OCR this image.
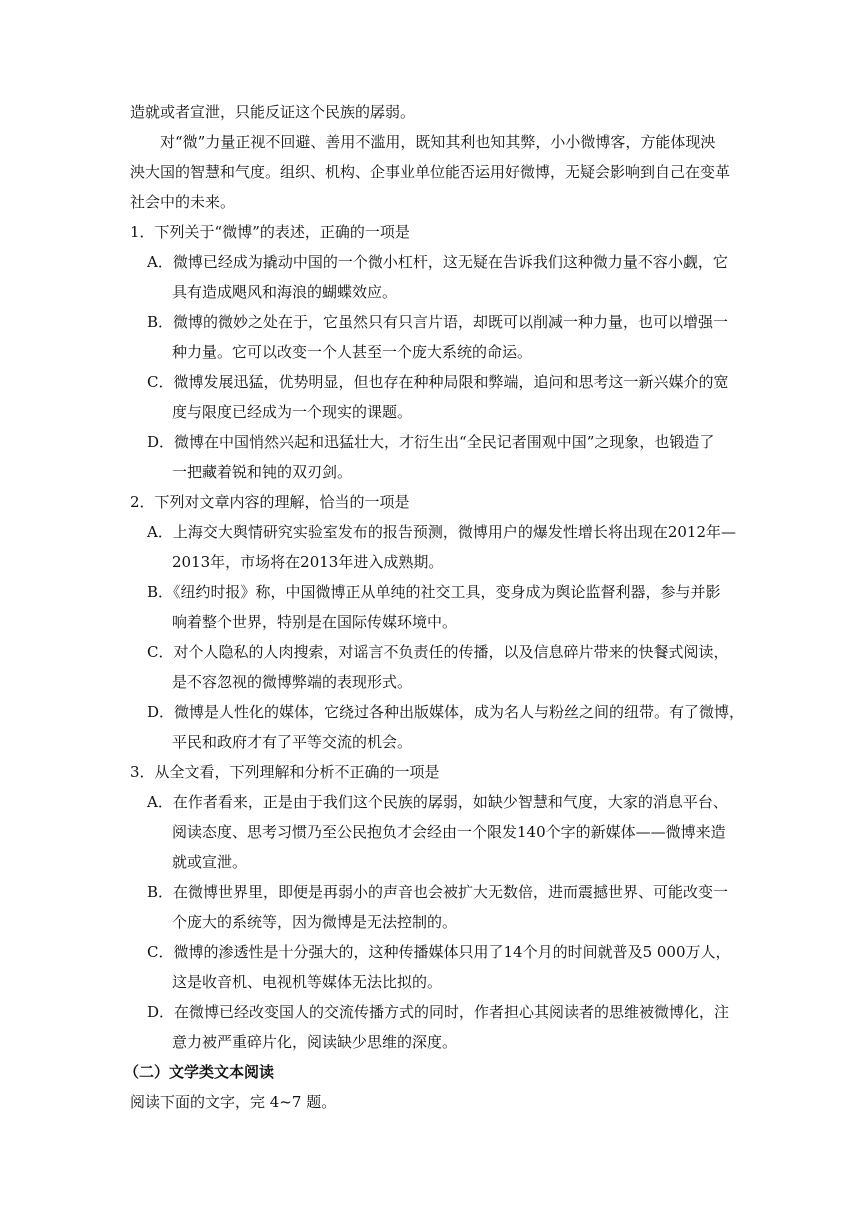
造就或者宣泄，只能反证这个民族的孱弱。
对“微”力量正视不回避、善用不滥用，既知其利也知其弊，小小微博客，方能体现泱
泱大国的智慧和气度。组织、机构、企事业单位能否运用好微博，无疑会影响到自己在变革
社会中的未来。
1．下列关于“微博”的表述，正确的一项是
A．微博已经成为撬动中国的一个微小杠杆，这无疑在告诉我们这种微力量不容小觑，它
具有造成飓风和海浪的蝴蝶效应。
B．微博的微妙之处在于，它虽然只有只言片语，却既可以削减一种力量，也可以增强一
种力量。它可以改变一个人甚至一个庞大系统的命运。
C．微博发展迅猛，优势明显，但也存在种种局限和弊端，追问和思考这一新兴媒介的宽
度与限度已经成为一个现实的课题。
D．微博在中国悄然兴起和迅猛壮大，才衍生出“全民记者围观中国”之现象，也锻造了
一把藏着锐和钝的双刃剑。
2．下列对文章内容的理解，恰当的一项是
A．上海交大舆情研究实验室发布的报告预测，微博用户的爆发性增长将出现在2012年—
2013年，市场将在2013年进入成熟期。
B．《纽约时报》称，中国微博正从单纯的社交工具，变身成为舆论监督利器，参与并影
响着整个世界，特别是在国际传媒环境中。
C．对个人隐私的人肉搜索，对谣言不负责任的传播，以及信息碎片带来的快餐式阅读，
是不容忽视的微博弊端的表现形式。
D．微博是人性化的媒体，它绕过各种出版媒体，成为名人与粉丝之间的纽带。有了微博，
平民和政府才有了平等交流的机会。
3．从全文看，下列理解和分析不正确的一项是
A．在作者看来，正是由于我们这个民族的孱弱，如缺少智慧和气度，大家的消息平台、
阅读态度、思考习惯乃至公民抱负才会经由一个限发140个字的新媒体——微博来造
就或宣泄。
B．在微博世界里，即便是再弱小的声音也会被扩大无数倍，进而震撼世界、可能改变一
个庞大的系统等，因为微博是无法控制的。
C．微博的渗透性是十分强大的，这种传播媒体只用了14个月的时间就普及5 000万人，
这是收音机、电视机等媒体无法比拟的。
D．在微博已经改变国人的交流传播方式的同时，作者担心其阅读者的思维被微博化，注
意力被严重碎片化，阅读缺少思维的深度。
（二）文学类文本阅读
阅读下面的文字，完 4~7 题。
